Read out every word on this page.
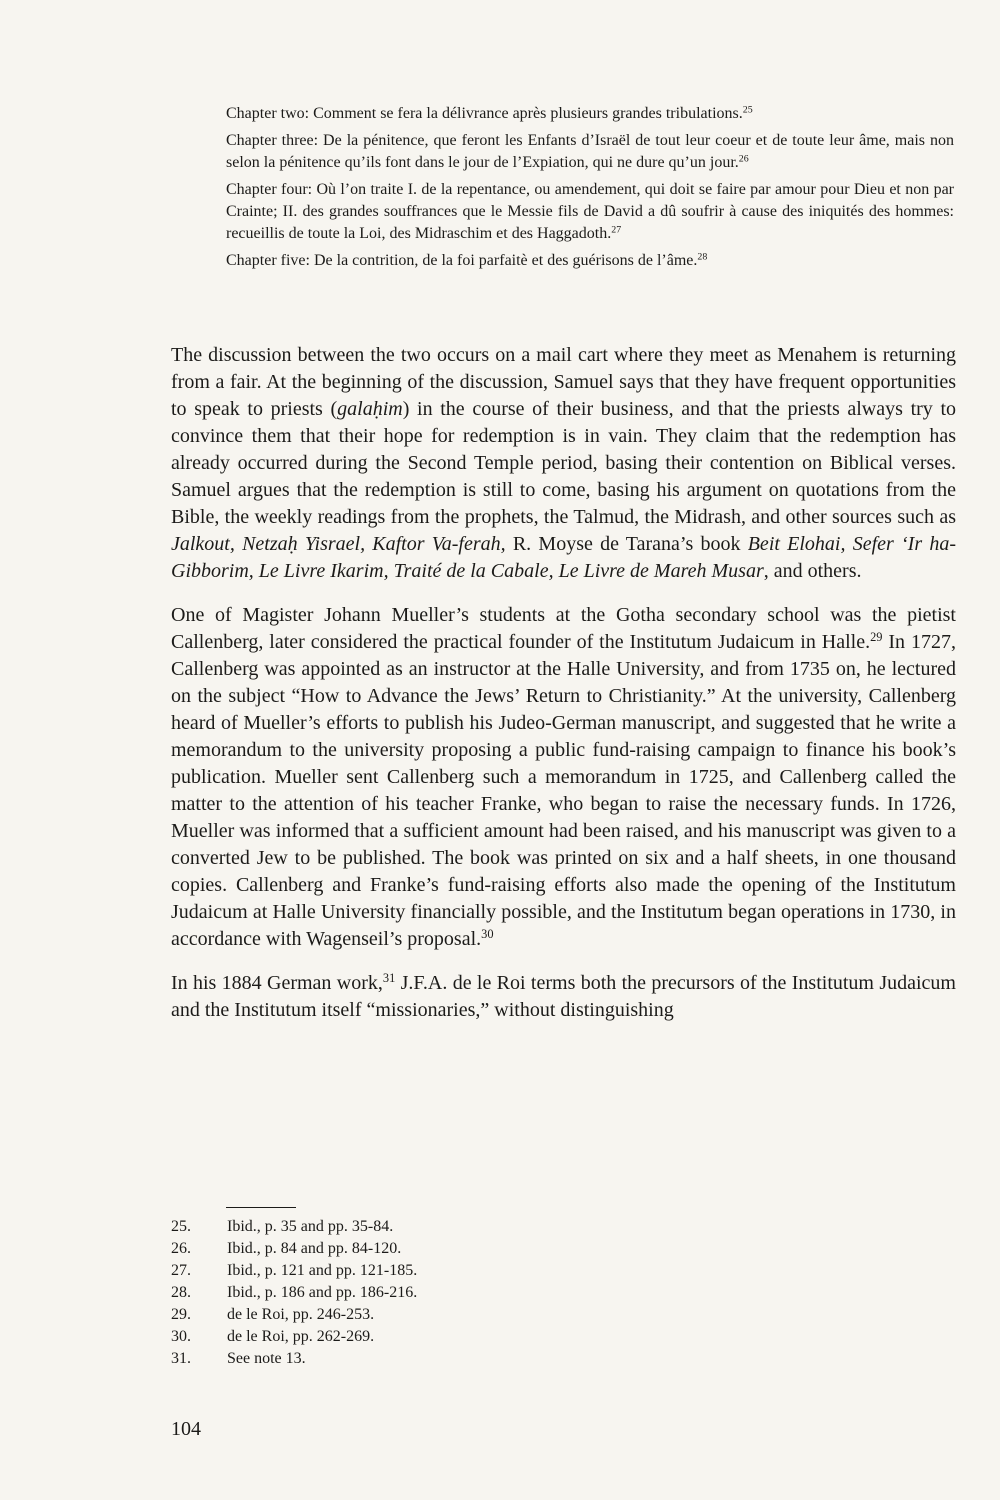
Chapter two: Comment se fera la délivrance après plusieurs grandes tribulations.$^{25}$

Chapter three: De la pénitence, que feront les Enfants d’Israël de tout leur coeur et de toute leur âme, mais non selon la pénitence qu’ils font dans le jour de l’Expiation, qui ne dure qu’un jour.$^{26}$

Chapter four: Où l’on traite I. de la repentance, ou amendement, qui doit se faire par amour pour Dieu et non par Crainte; II. des grandes souffrances que le Messie fils de David a dû soufrir à cause des iniquités des hommes: recueillis de toute la Loi, des Midraschim et des Haggadoth.$^{27}$

Chapter five: De la contrition, de la foi parfaitè et des guérisons de l’âme.$^{28}$

The discussion between the two occurs on a mail cart where they meet as Menahem is returning from a fair. At the beginning of the discussion, Samuel says that they have frequent opportunities to speak to priests (galaḥim) in the course of their business, and that the priests always try to convince them that their hope for redemption is in vain. They claim that the redemption has already occurred during the Second Temple period, basing their contention on Biblical verses. Samuel argues that the redemption is still to come, basing his argument on quotations from the Bible, the weekly readings from the prophets, the Talmud, the Midrash, and other sources such as Jalkout, Netzaḥ Yisrael, Kaftor Va-ferah, R. Moyse de Tarana’s book Beit Elohai, Sefer ‘Ir ha-Gibborim, Le Livre Ikarim, Traité de la Cabale, Le Livre de Mareh Musar, and others.

One of Magister Johann Mueller’s students at the Gotha secondary school was the pietist Callenberg, later considered the practical founder of the Institutum Judaicum in Halle.$^{29}$ In 1727, Callenberg was appointed as an instructor at the Halle University, and from 1735 on, he lectured on the subject “How to Advance the Jews’ Return to Christianity.” At the university, Callenberg heard of Mueller’s efforts to publish his Judeo-German manuscript, and suggested that he write a memorandum to the university proposing a public fund-raising campaign to finance his book’s publication. Mueller sent Callenberg such a memorandum in 1725, and Callenberg called the matter to the attention of his teacher Franke, who began to raise the necessary funds. In 1726, Mueller was informed that a sufficient amount had been raised, and his manuscript was given to a converted Jew to be published. The book was printed on six and a half sheets, in one thousand copies. Callenberg and Franke’s fund-raising efforts also made the opening of the Institutum Judaicum at Halle University financially possible, and the Institutum began operations in 1730, in accordance with Wagenseil’s proposal.$^{30}$

In his 1884 German work,$^{31}$ J.F.A. de le Roi terms both the precursors of the Institutum Judaicum and the Institutum itself “missionaries,” without distinguishing

25.	Ibid., p. 35 and pp. 35-84.
26.	Ibid., p. 84 and pp. 84-120.
27.	Ibid., p. 121 and pp. 121-185.
28.	Ibid., p. 186 and pp. 186-216.
29.	de le Roi, pp. 246-253.
30.	de le Roi, pp. 262-269.
31.	See note 13.
104
